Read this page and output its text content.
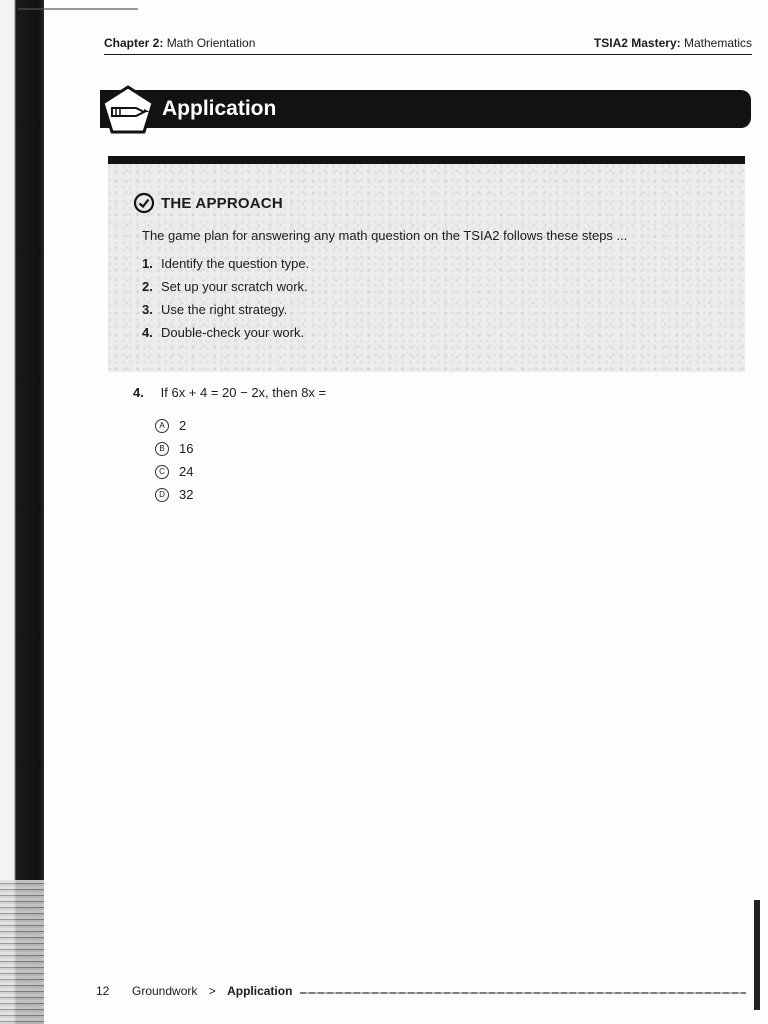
Chapter 2: Math Orientation	TSIA2 Mastery: Mathematics
Application
THE APPROACH
The game plan for answering any math question on the TSIA2 follows these steps ...
1. Identify the question type.
2. Set up your scratch work.
3. Use the right strategy.
4. Double-check your work.
4. If 6x + 4 = 20 − 2x, then 8x =
A	2
B	16
C	24
D	32
12 Groundwork > Application
